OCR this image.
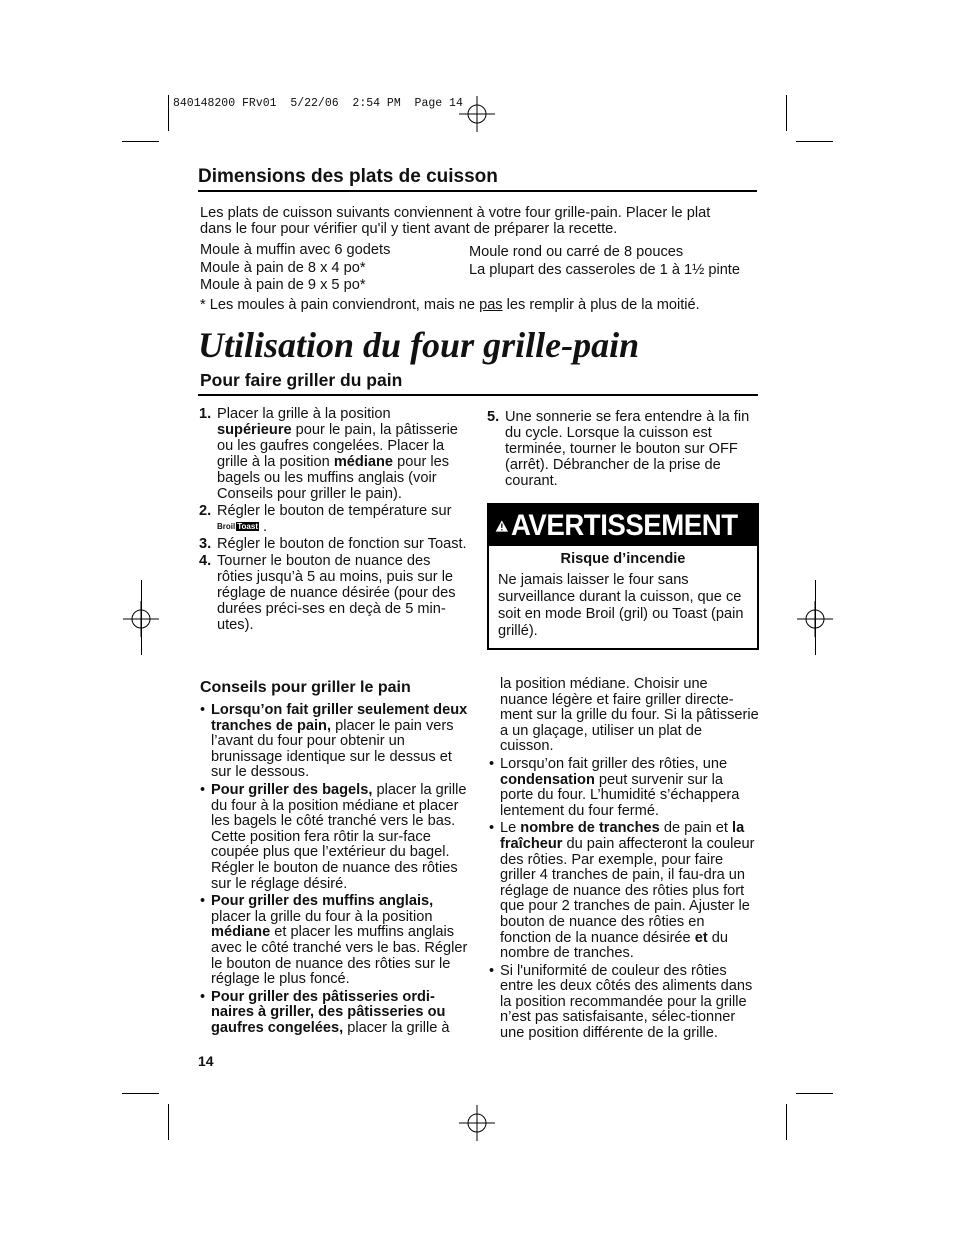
840148200 FRv01  5/22/06  2:54 PM  Page 14
Dimensions des plats de cuisson

Les plats de cuisson suivants conviennent à votre four grille-pain. Placer le plat

dans le four pour vérifier qu'il y tient avant de préparer la recette.

Moule à muffin avec 6 godets

Moule à pain de 8 x 4 po*

Moule à pain de 9 x 5 po*

Moule rond ou carré de 8 pouces

La plupart des casseroles de 1 à 1½ pinte

* Les moules à pain conviendront, mais ne pas les remplir à plus de la moitié.
Utilisation du four grille-pain
Pour faire griller du pain
1. Placer la grille à la position supérieure pour le pain, la pâtisserie ou les gaufres congelées. Placer la grille à la position médiane pour les bagels ou les muffins anglais (voir Conseils pour griller le pain).
2. Régler le bouton de température sur Broil Toast .
3. Régler le bouton de fonction sur Toast.
4. Tourner le bouton de nuance des rôties jusqu’à 5 au moins, puis sur le réglage de nuance désirée (pour des durées préci-ses en deçà de 5 min-utes).
5. Une sonnerie se fera entendre à la fin du cycle. Lorsque la cuisson est terminée, tourner le bouton sur OFF (arrêt). Débrancher de la prise de courant.
AVERTISSEMENT
Risque d’incendie
Ne jamais laisser le four sans surveillance durant la cuisson, que ce soit en mode Broil (gril) ou Toast (pain grillé).
Conseils pour griller le pain
• Lorsqu’on fait griller seulement deux tranches de pain, placer le pain vers l’avant du four pour obtenir un brunissage identique sur le dessus et sur le dessous.
• Pour griller des bagels, placer la grille du four à la position médiane et placer les bagels le côté tranché vers le bas. Cette position fera rôtir la sur-face coupée plus que l’extérieur du bagel. Régler le bouton de nuance des rôties sur le réglage désiré.
• Pour griller des muffins anglais, placer la grille du four à la position médiane et placer les muffins anglais avec le côté tranché vers le bas. Régler le bouton de nuance des rôties sur le réglage le plus foncé.
• Pour griller des pâtisseries ordi-naires à griller, des pâtisseries ou gaufres congelées, placer la grille à

la position médiane. Choisir une nuance légère et faire griller directe-ment sur la grille du four. Si la pâtisserie a un glaçage, utiliser un plat de cuisson.

• Lorsqu’on fait griller des rôties, une condensation peut survenir sur la porte du four. L’humidité s’échappera lentement du four fermé.
• Le nombre de tranches de pain et la fraîcheur du pain affecteront la couleur des rôties. Par exemple, pour faire griller 4 tranches de pain, il fau-dra un réglage de nuance des rôties plus fort que pour 2 tranches de pain. Ajuster le bouton de nuance des rôties en fonction de la nuance désirée et du nombre de tranches.
• Si l'uniformité de couleur des rôties entre les deux côtés des aliments dans la position recommandée pour la grille n’est pas satisfaisante, sélec-tionner une position différente de la grille.
14
